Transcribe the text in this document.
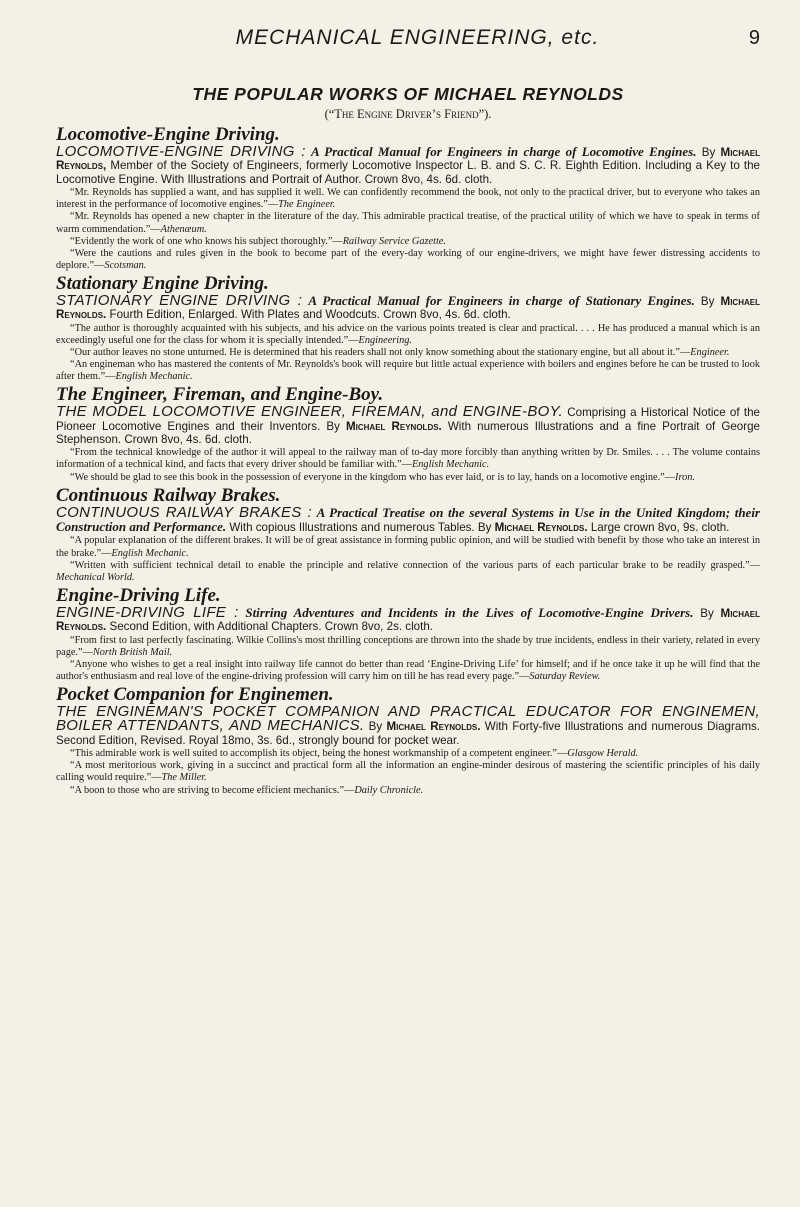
MECHANICAL ENGINEERING, etc.	9
THE POPULAR WORKS OF MICHAEL REYNOLDS
(“The Engine Driver’s Friend”).
Locomotive-Engine Driving.

LOCOMOTIVE-ENGINE DRIVING : A Practical Manual for Engineers in charge of Locomotive Engines. By Michael Reynolds, Member of the Society of Engineers, formerly Locomotive Inspector L. B. and S. C. R. Eighth Edition. Including a Key to the Locomotive Engine. With Illustrations and Portrait of Author. Crown 8vo, 4s. 6d. cloth.

“Mr. Reynolds has supplied a want, and has supplied it well. We can confidently recommend the book, not only to the practical driver, but to everyone who takes an interest in the performance of locomotive engines.”—The Engineer.

“Mr. Reynolds has opened a new chapter in the literature of the day. This admirable practical treatise, of the practical utility of which we have to speak in terms of warm commendation.”—Athenæum.

“Evidently the work of one who knows his subject thoroughly.”—Railway Service Gazette.

“Were the cautions and rules given in the book to become part of the every-day working of our engine-drivers, we might have fewer distressing accidents to deplore.”—Scotsman.

Stationary Engine Driving.

STATIONARY ENGINE DRIVING : A Practical Manual for Engineers in charge of Stationary Engines. By Michael Reynolds. Fourth Edition, Enlarged. With Plates and Woodcuts. Crown 8vo, 4s. 6d. cloth.

“The author is thoroughly acquainted with his subjects, and his advice on the various points treated is clear and practical. . . . He has produced a manual which is an exceedingly useful one for the class for whom it is specially intended.”—Engineering.

“Our author leaves no stone unturned. He is determined that his readers shall not only know something about the stationary engine, but all about it.”—Engineer.

“An engineman who has mastered the contents of Mr. Reynolds's book will require but little actual experience with boilers and engines before he can be trusted to look after them.”—English Mechanic.

The Engineer, Fireman, and Engine-Boy.

THE MODEL LOCOMOTIVE ENGINEER, FIREMAN, and ENGINE-BOY. Comprising a Historical Notice of the Pioneer Locomotive Engines and their Inventors. By Michael Reynolds. With numerous Illustrations and a fine Portrait of George Stephenson. Crown 8vo, 4s. 6d. cloth.

“From the technical knowledge of the author it will appeal to the railway man of to-day more forcibly than anything written by Dr. Smiles. . . . The volume contains information of a technical kind, and facts that every driver should be familiar with.”—English Mechanic.

“We should be glad to see this book in the possession of everyone in the kingdom who has ever laid, or is to lay, hands on a locomotive engine.”—Iron.

Continuous Railway Brakes.

CONTINUOUS RAILWAY BRAKES : A Practical Treatise on the several Systems in Use in the United Kingdom; their Construction and Performance. With copious Illustrations and numerous Tables. By Michael Reynolds. Large crown 8vo, 9s. cloth.

“A popular explanation of the different brakes. It will be of great assistance in forming public opinion, and will be studied with benefit by those who take an interest in the brake.”—English Mechanic.

“Written with sufficient technical detail to enable the principle and relative connection of the various parts of each particular brake to be readily grasped.”—Mechanical World.

Engine-Driving Life.

ENGINE-DRIVING LIFE : Stirring Adventures and Incidents in the Lives of Locomotive-Engine Drivers. By Michael Reynolds. Second Edition, with Additional Chapters. Crown 8vo, 2s. cloth.

“From first to last perfectly fascinating. Wilkie Collins's most thrilling conceptions are thrown into the shade by true incidents, endless in their variety, related in every page.”—North British Mail.

“Anyone who wishes to get a real insight into railway life cannot do better than read ‘Engine-Driving Life’ for himself; and if he once take it up he will find that the author's enthusiasm and real love of the engine-driving profession will carry him on till he has read every page.”—Saturday Review.

Pocket Companion for Enginemen.

THE ENGINEMAN'S POCKET COMPANION AND PRACTICAL EDUCATOR FOR ENGINEMEN, BOILER ATTENDANTS, AND MECHANICS. By Michael Reynolds. With Forty-five Illustrations and numerous Diagrams. Second Edition, Revised. Royal 18mo, 3s. 6d., strongly bound for pocket wear.

“This admirable work is well suited to accomplish its object, being the honest workmanship of a competent engineer.”—Glasgow Herald.

“A most meritorious work, giving in a succinct and practical form all the information an engine-minder desirous of mastering the scientific principles of his daily calling would require.”—The Miller.

“A boon to those who are striving to become efficient mechanics.”—Daily Chronicle.
